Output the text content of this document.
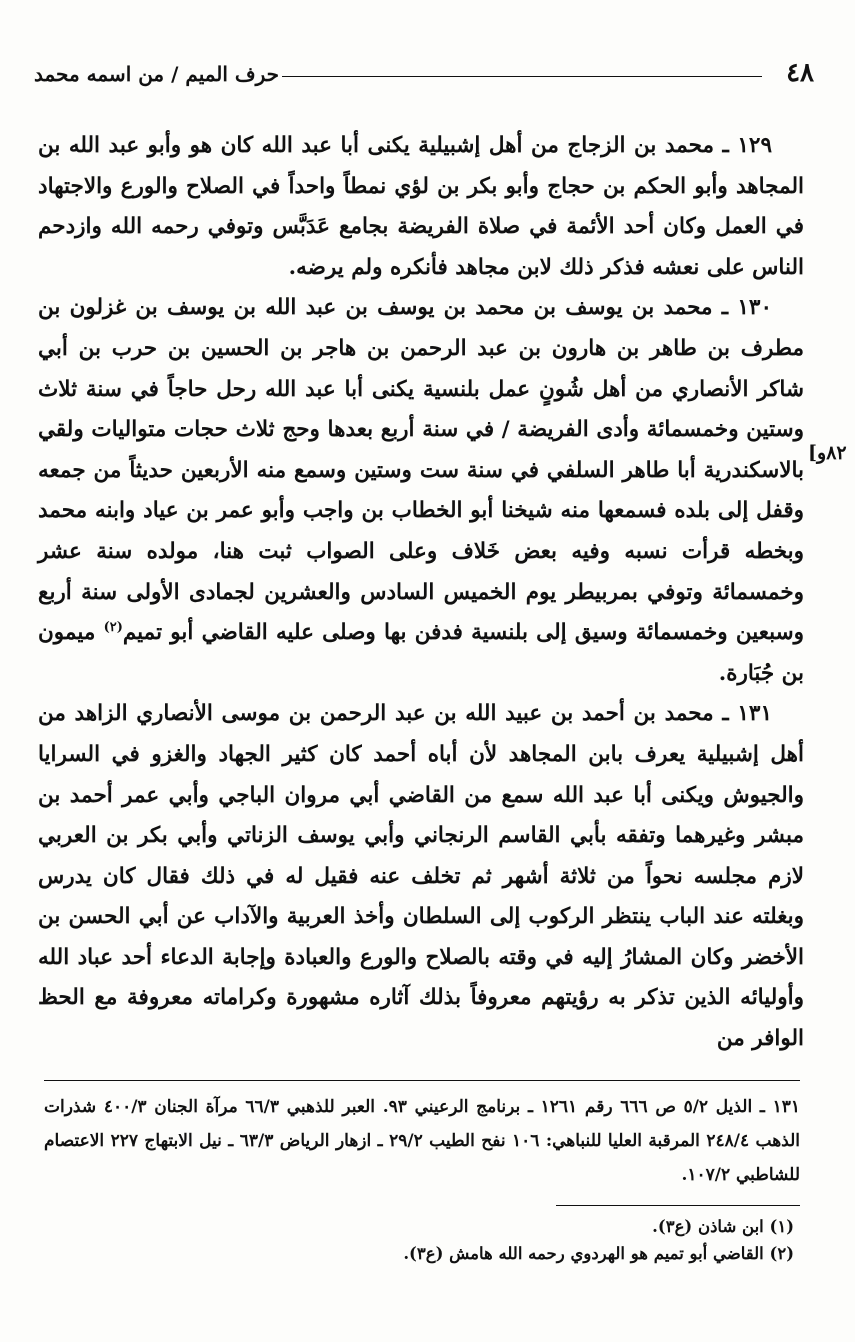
٤٨
حرف الميم / من اسمه محمد
[٨٢و

١٢٩ ـ محمد بن الزجاج من أهل إشبيلية يكنى أبا عبد الله كان هو وأبو عبد الله بن المجاهد وأبو الحكم بن حجاج وأبو بكر بن لؤي نمطاً واحداً في الصلاح والورع والاجتهاد في العمل وكان أحد الأئمة في صلاة الفريضة بجامع عَدَبَّس وتوفي رحمه الله وازدحم الناس على نعشه فذكر ذلك لابن مجاهد فأنكره ولم يرضه.

١٣٠ ـ محمد بن يوسف بن محمد بن يوسف بن عبد الله بن يوسف بن غزلون بن مطرف بن طاهر بن هارون بن عبد الرحمن بن هاجر بن الحسين بن حرب بن أبي شاكر الأنصاري من أهل شُونٍ عمل بلنسية يكنى أبا عبد الله رحل حاجاً في سنة ثلاث وستين وخمسمائة وأدى الفريضة / في سنة أربع بعدها وحج ثلاث حجات متواليات ولقي بالاسكندرية أبا طاهر السلفي في سنة ست وستين وسمع منه الأربعين حديثاً من جمعه وقفل إلى بلده فسمعها منه شيخنا أبو الخطاب بن واجب وأبو عمر بن عياد وابنه محمد وبخطه قرأت نسبه وفيه بعض خَلاف وعلى الصواب ثبت هنا، مولده سنة عشر وخمسمائة وتوفي بمربيطر يوم الخميس السادس والعشرين لجمادى الأولى سنة أربع وسبعين وخمسمائة وسيق إلى بلنسية فدفن بها وصلى عليه القاضي أبو تميم$^{(٢)}$ ميمون بن جُبَارة.

١٣١ ـ محمد بن أحمد بن عبيد الله بن عبد الرحمن بن موسى الأنصاري الزاهد من أهل إشبيلية يعرف بابن المجاهد لأن أباه أحمد كان كثير الجهاد والغزو في السرايا والجيوش ويكنى أبا عبد الله سمع من القاضي أبي مروان الباجي وأبي عمر أحمد بن مبشر وغيرهما وتفقه بأبي القاسم الرنجاني وأبي يوسف الزناتي وأبي بكر بن العربي لازم مجلسه نحواً من ثلاثة أشهر ثم تخلف عنه فقيل له في ذلك فقال كان يدرس وبغلته عند الباب ينتظر الركوب إلى السلطان وأخذ العربية والآداب عن أبي الحسن بن الأخضر وكان المشارُ إليه في وقته بالصلاح والورع والعبادة وإجابة الدعاء أحد عباد الله وأوليائه الذين تذكر به رؤيتهم معروفاً بذلك آثاره مشهورة وكراماته معروفة مع الحظ الوافر من

١٣١ ـ الذيل ٥/٢ ص ٦٦٦ رقم ١٢٦١ ـ برنامج الرعيني ٩٣. العبر للذهبي ٦٦/٣ مرآة الجنان ٤٠٠/٣ شذرات الذهب ٢٤٨/٤ المرقبة العليا للنباهي: ١٠٦ نفح الطيب ٢٩/٢ ـ ازهار الرياض ٦٣/٣ ـ نيل الابتهاج ٢٢٧ الاعتصام للشاطبي ١٠٧/٢.

(١) ابن شاذن (ع٣).

(٢) القاضي أبو تميم هو الهردوي رحمه الله هامش (ع٣).
